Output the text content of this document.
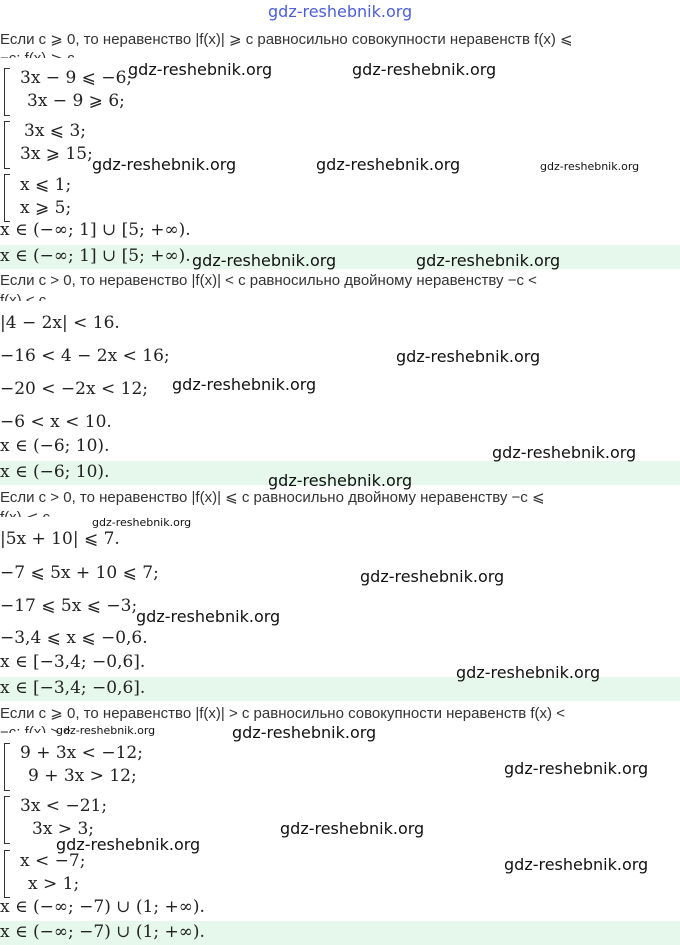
gdz-reshebnik.org
Если c ⩾ 0, то неравенство |f(x)| ⩾ c равносильно совокупности неравенств f(x) ⩽
3x − 9 ⩽ −6;
3x − 9 ⩾ 6;
3x ⩽ 3;
3x ⩾ 15;
x ⩽ 1;
x ⩾ 5;
x ∈ (−∞; 1] ∪ [5; +∞).
x ∈ (−∞; 1] ∪ [5; +∞).
Если c > 0, то неравенство |f(x)| < c равносильно двойному неравенству −c <
|4 − 2x| < 16.
−16 < 4 − 2x < 16;
−20 < −2x < 12;
−6 < x < 10.
x ∈ (−6; 10).
x ∈ (−6; 10).
Если c > 0, то неравенство |f(x)| ⩽ c равносильно двойному неравенству −c ⩽
|5x + 10| ⩽ 7.
−7 ⩽ 5x + 10 ⩽ 7;
−17 ⩽ 5x ⩽ −3;
−3,4 ⩽ x ⩽ −0,6.
x ∈ [−3,4; −0,6].
x ∈ [−3,4; −0,6].
Если c ⩾ 0, то неравенство |f(x)| > c равносильно совокупности неравенств f(x) <
9 + 3x < −12;
9 + 3x > 12;
3x < −21;
3x > 3;
x < −7;
x > 1;
x ∈ (−∞; −7) ∪ (1; +∞).
x ∈ (−∞; −7) ∪ (1; +∞).
gdz-reshebnik.org	gdz-reshebnik.org
gdz-reshebnik.org	gdz-reshebnik.org	gdz-reshebnik.org
gdz-reshebnik.org	gdz-reshebnik.org
gdz-reshebnik.org
gdz-reshebnik.org
gdz-reshebnik.org
gdz-reshebnik.org
gdz-reshebnik.org
gdz-reshebnik.org
gdz-reshebnik.org
gdz-reshebnik.org
gdz-reshebnik.org	gdz-reshebnik.org
gdz-reshebnik.org
gdz-reshebnik.org
gdz-reshebnik.org
gdz-reshebnik.org
